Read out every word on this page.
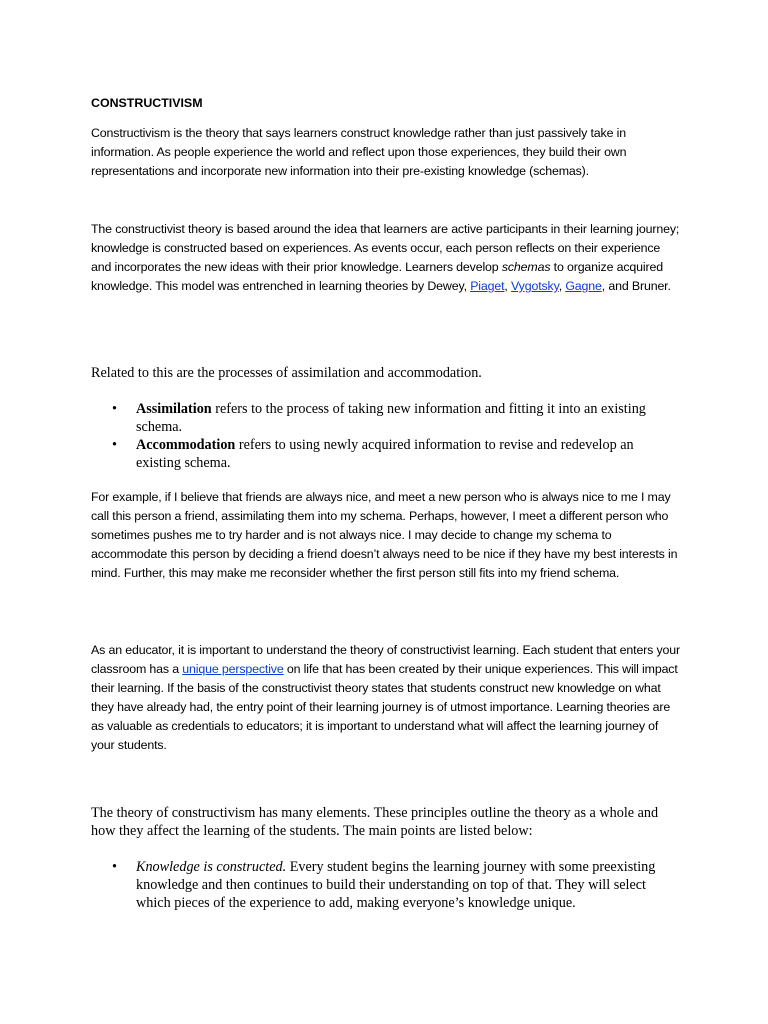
CONSTRUCTIVISM

Constructivism is the theory that says learners construct knowledge rather than just passively take in information. As people experience the world and reflect upon those experiences, they build their own representations and incorporate new information into their pre-existing knowledge (schemas).

The constructivist theory is based around the idea that learners are active participants in their learning journey; knowledge is constructed based on experiences. As events occur, each person reflects on their experience and incorporates the new ideas with their prior knowledge. Learners develop schemas to organize acquired knowledge. This model was entrenched in learning theories by Dewey, Piaget, Vygotsky, Gagne, and Bruner.

Related to this are the processes of assimilation and accommodation.

• Assimilation refers to the process of taking new information and fitting it into an existing schema.
• Accommodation refers to using newly acquired information to revise and redevelop an existing schema.

For example, if I believe that friends are always nice, and meet a new person who is always nice to me I may call this person a friend, assimilating them into my schema. Perhaps, however, I meet a different person who sometimes pushes me to try harder and is not always nice. I may decide to change my schema to accommodate this person by deciding a friend doesn’t always need to be nice if they have my best interests in mind. Further, this may make me reconsider whether the first person still fits into my friend schema.

As an educator, it is important to understand the theory of constructivist learning. Each student that enters your classroom has a unique perspective on life that has been created by their unique experiences. This will impact their learning. If the basis of the constructivist theory states that students construct new knowledge on what they have already had, the entry point of their learning journey is of utmost importance. Learning theories are as valuable as credentials to educators; it is important to understand what will affect the learning journey of your students.

The theory of constructivism has many elements. These principles outline the theory as a whole and how they affect the learning of the students. The main points are listed below:

• Knowledge is constructed. Every student begins the learning journey with some preexisting knowledge and then continues to build their understanding on top of that. They will select which pieces of the experience to add, making everyone’s knowledge unique.
